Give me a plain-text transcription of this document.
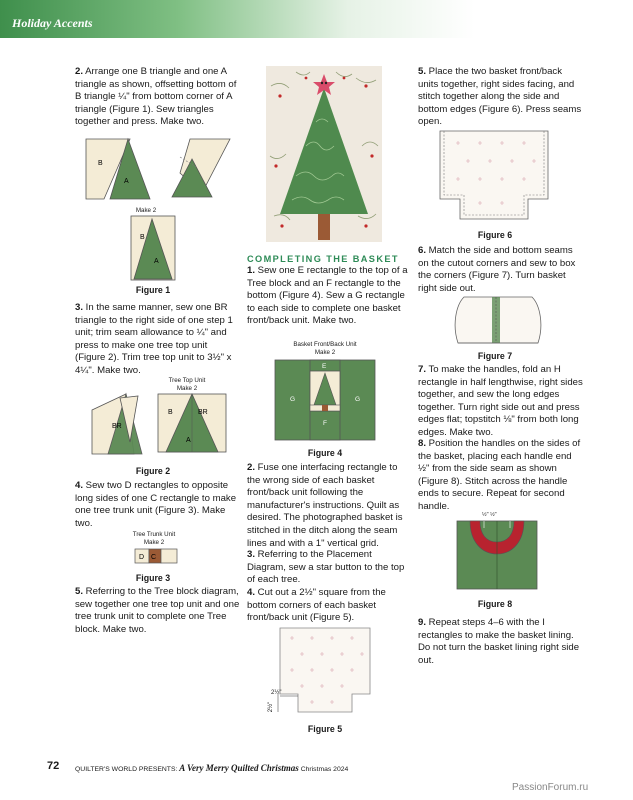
Holiday Accents

2. Arrange one B triangle and one A triangle as shown, offsetting bottom of B triangle ¼" from bottom corner of A triangle (Figure 1). Sew triangles together and press. Make two.

B
A
Make 2
B
A
Figure 1

3. In the same manner, sew one BR triangle to the right side of one step 1 unit; trim seam allowance to ¼" and press to make one tree top unit (Figure 2). Trim tree top unit to 3½" x 4¼". Make two.

Tree Top Unit
Make 2
BR
B	BR
A
Figure 2

4. Sew two D rectangles to opposite long sides of one C rectangle to make one tree trunk unit (Figure 3). Make two.

Tree Trunk Unit
Make 2
D C
Figure 3

5. Referring to the Tree block diagram, sew together one tree top unit and one tree trunk unit to complete one Tree block. Make two.

COMPLETING THE BASKET

1. Sew one E rectangle to the top of a Tree block and an F rectangle to the bottom (Figure 4). Sew a G rectangle to each side to complete one basket front/back unit. Make two.

Basket Front/Back Unit
Make 2
E
F
G	G
Figure 4

2. Fuse one interfacing rectangle to the wrong side of each basket front/back unit following the manufacturer's instructions. Quilt as desired. The photographed basket is stitched in the ditch along the seam lines and with a 1" vertical grid.

3. Referring to the Placement Diagram, sew a star button to the top of each tree.

4. Cut out a 2½" square from the bottom corners of each basket front/back unit (Figure 5).

2½"
2½"
Figure 5

5. Place the two basket front/back units together, right sides facing, and stitch together along the side and bottom edges (Figure 6). Press seams open.

Figure 6

6. Match the side and bottom seams on the cutout corners and sew to box the corners (Figure 7). Turn basket right side out.

Figure 7

7. To make the handles, fold an H rectangle in half lengthwise, right sides together, and sew the long edges together. Turn right side out and press edges flat; topstitch ⅛" from both long edges. Make two.

8. Position the handles on the sides of the basket, placing each handle end ½" from the side seam as shown (Figure 8). Stitch across the handle ends to secure. Repeat for second handle.

½" ½"
Figure 8

9. Repeat steps 4–6 with the I rectangles to make the basket lining. Do not turn the basket lining right side out.

72 QUILTER'S WORLD PRESENTS: A Very Merry Quilted Christmas Christmas 2024
PassionForum.ru
